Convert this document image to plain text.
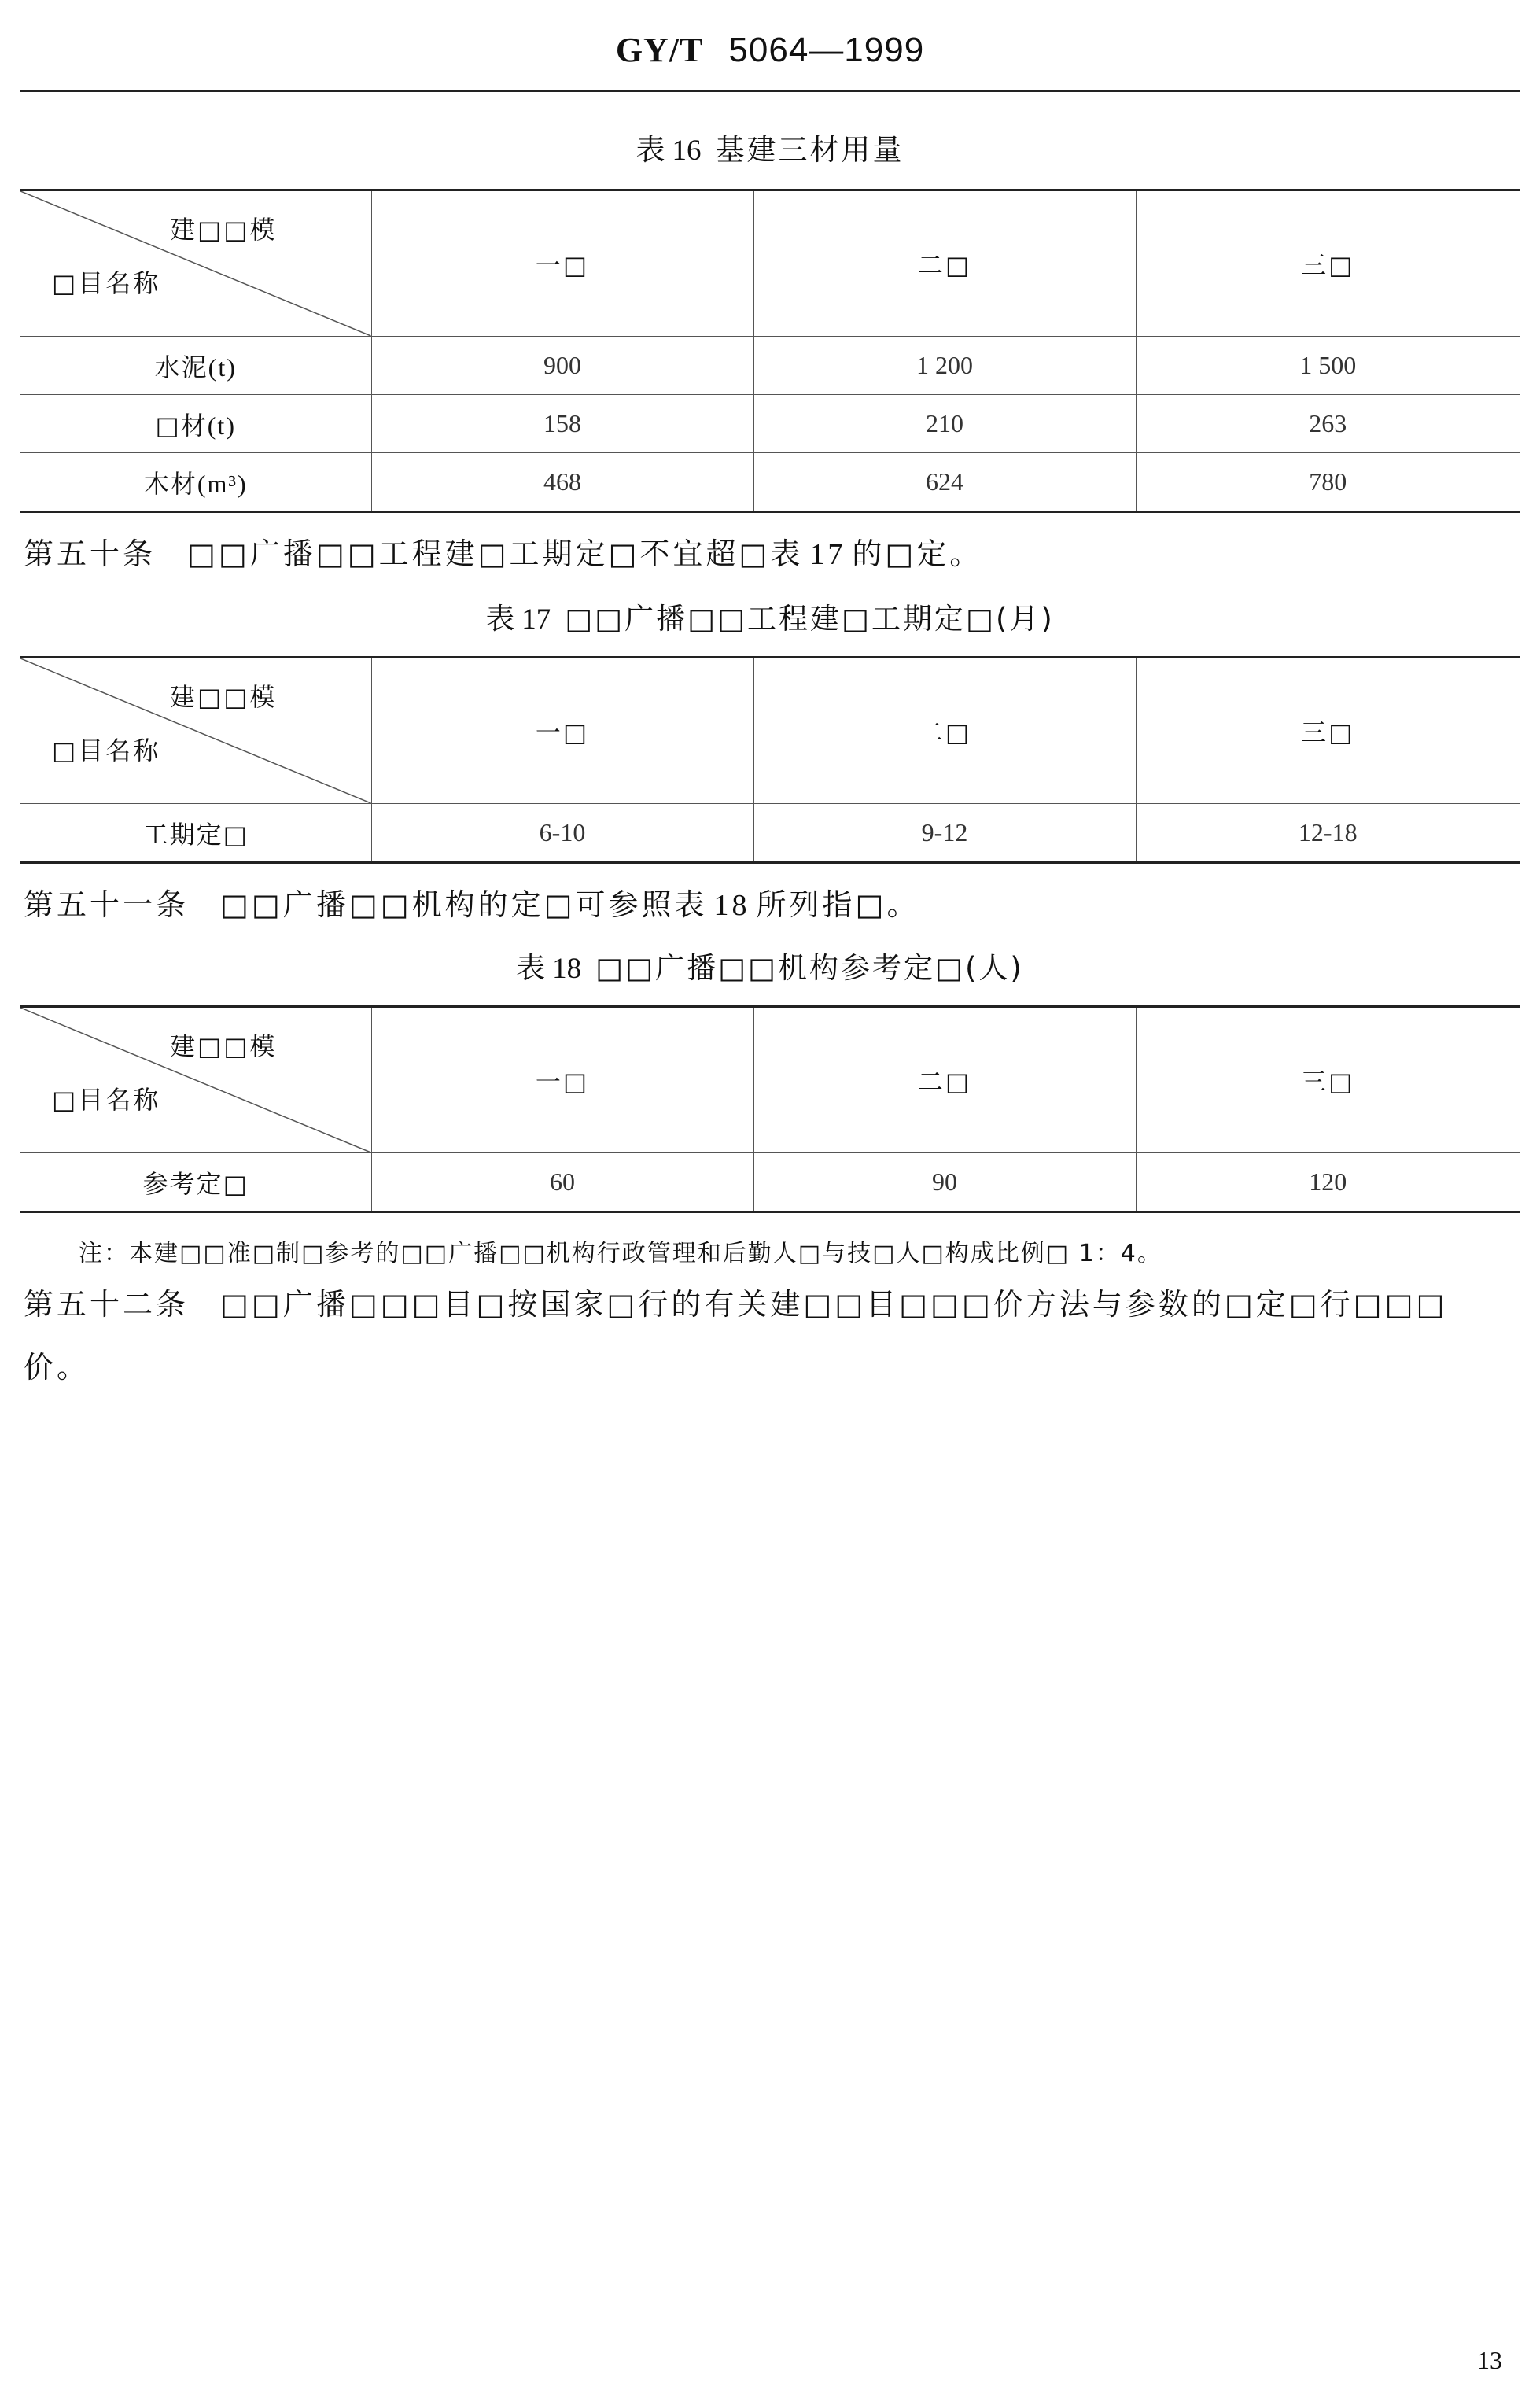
GY/T 5064—1999
表 16 基建三材用量
建□□模
□目名称	一□	二□	三□
水泥(t)	900	1 200	1 500
□材(t)	158	210	263
木材(m³)	468	624	780
第五十条 □□广播□□工程建□工期定□不宜超□表 17 的□定。
表 17 □□广播□□工程建□工期定□(月)
建□□模
□目名称	一□	二□	三□
工期定□	6-10	9-12	12-18
第五十一条 □□广播□□机构的定□可参照表 18 所列指□。
表 18 □□广播□□机构参考定□(人)
建□□模
□目名称	一□	二□	三□
参考定□	60	90	120
注：本建□□准□制□参考的□□广播□□机构行政管理和后勤人□与技□人□构成比例□ 1：4。
第五十二条 □□广播□□□目□按国家□行的有关建□□目□□□价方法与参数的□定□行□□□
价。
13
